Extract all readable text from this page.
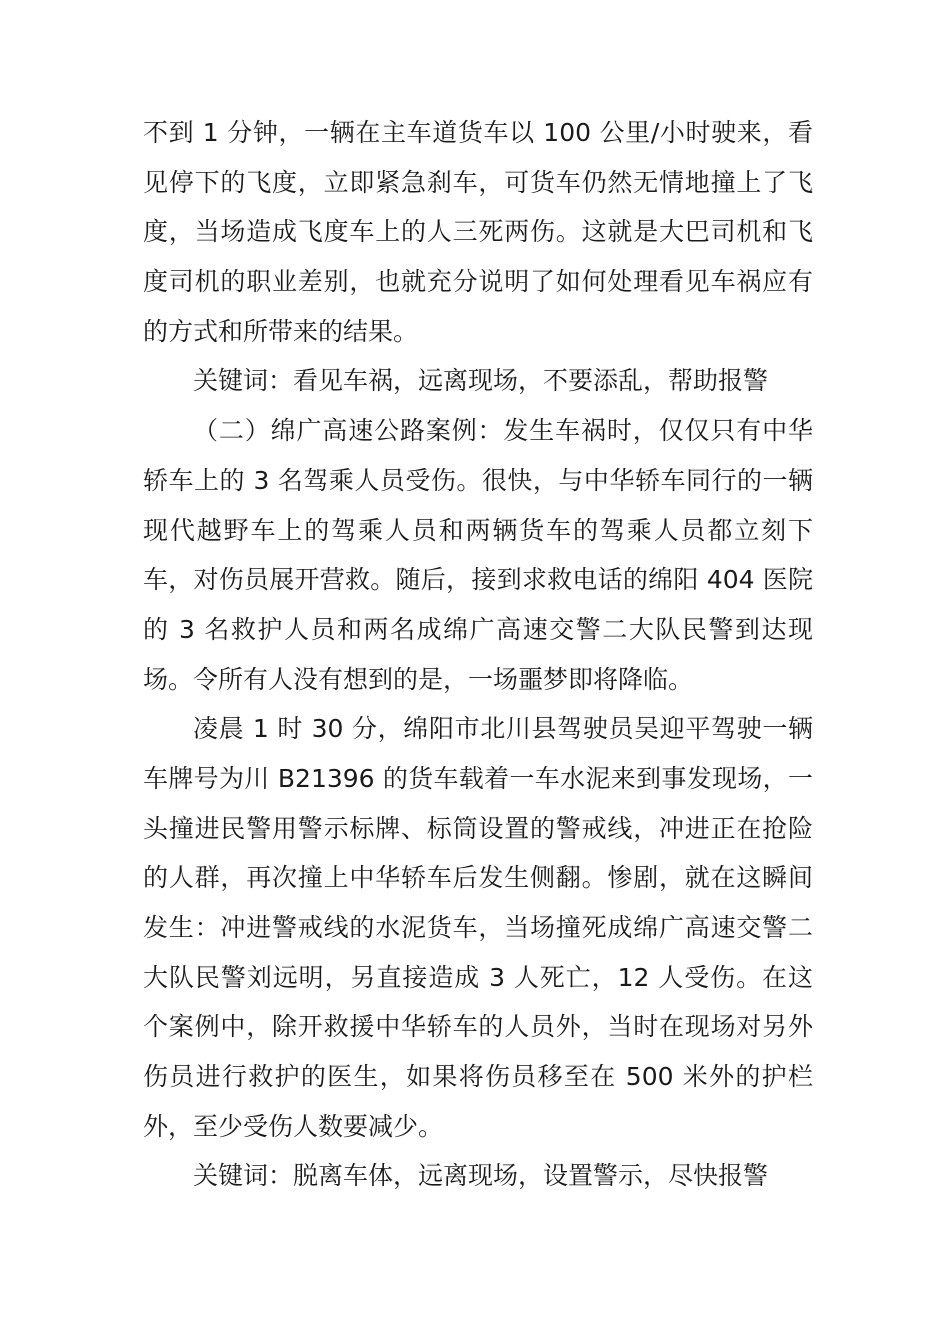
不到 1 分钟，一辆在主车道货车以 100 公里/小时驶来，看
见停下的飞度，立即紧急刹车，可货车仍然无情地撞上了飞
度，当场造成飞度车上的人三死两伤。这就是大巴司机和飞
度司机的职业差别，也就充分说明了如何处理看见车祸应有
的方式和所带来的结果。
关键词：看见车祸，远离现场，不要添乱，帮助报警
（二）绵广高速公路案例：发生车祸时，仅仅只有中华
轿车上的 3 名驾乘人员受伤。很快，与中华轿车同行的一辆
现代越野车上的驾乘人员和两辆货车的驾乘人员都立刻下
车，对伤员展开营救。随后，接到求救电话的绵阳 404 医院
的 3 名救护人员和两名成绵广高速交警二大队民警到达现
场。令所有人没有想到的是，一场噩梦即将降临。
凌晨 1 时 30 分，绵阳市北川县驾驶员吴迎平驾驶一辆
车牌号为川 B21396 的货车载着一车水泥来到事发现场，一
头撞进民警用警示标牌、标筒设置的警戒线，冲进正在抢险
的人群，再次撞上中华轿车后发生侧翻。惨剧，就在这瞬间
发生：冲进警戒线的水泥货车，当场撞死成绵广高速交警二
大队民警刘远明，另直接造成 3 人死亡，12 人受伤。在这
个案例中，除开救援中华轿车的人员外，当时在现场对另外
伤员进行救护的医生，如果将伤员移至在 500 米外的护栏
外，至少受伤人数要减少。
关键词：脱离车体，远离现场，设置警示，尽快报警
